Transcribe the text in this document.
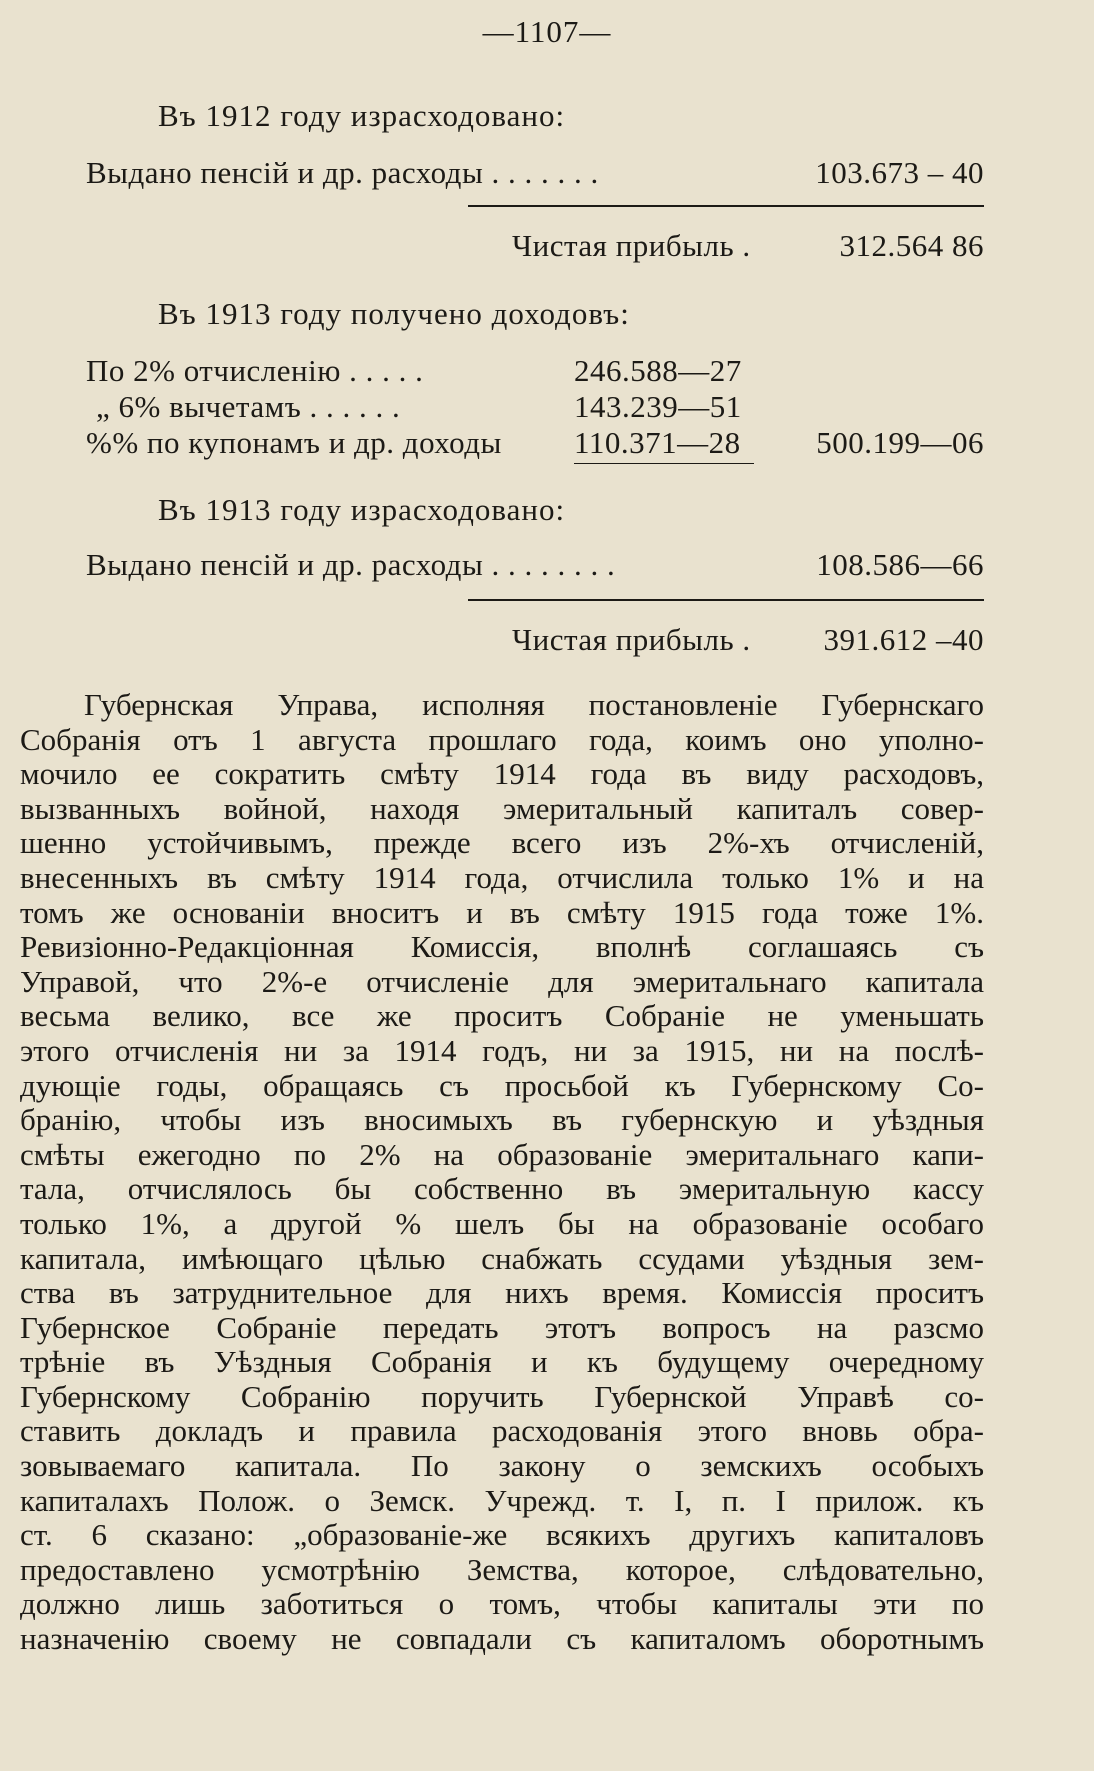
—1107—
Въ 1912 году израсходовано:
Выдано пенсій и др. расходы . . . . . . .	103.673 – 40
Чистая прибыль .	312.564 86
Въ 1913 году получено доходовъ:
По 2% отчисленію . . . . .	246.588—27
„ 6% вычетамъ . . . . . .	143.239—51
%% по купонамъ и др. доходы 110.371—28 500.199—06
Въ 1913 году израсходовано:
Выдано пенсій и др. расходы . . . . . . . .	108.586—66
Чистая прибыль . 391.612 –40
Губернская Управа, исполняя постановленіе Губернскаго
Собранія отъ 1 августа прошлаго года, коимъ оно уполно-
мочило ее сократить смѣту 1914 года въ виду расходовъ,
вызванныхъ войной, находя эмеритальный капиталъ совер-
шенно устойчивымъ, прежде всего изъ 2%-хъ отчисленій,
внесенныхъ въ смѣту 1914 года, отчислила только 1% и на
томъ же основаніи вноситъ и въ смѣту 1915 года тоже 1%.
Ревизіонно-Редакціонная Комиссія, вполнѣ соглашаясь съ
Управой, что 2%-е отчисленіе для эмеритальнаго капитала
весьма велико, все же проситъ Собраніе не уменьшать
этого отчисленія ни за 1914 годъ, ни за 1915, ни на послѣ-
дующіе годы, обращаясь съ просьбой къ Губернскому Со-
бранію, чтобы изъ вносимыхъ въ губернскую и уѣздныя
смѣты ежегодно по 2% на образованіе эмеритальнаго капи-
тала, отчислялось бы собственно въ эмеритальную кассу
только 1%, а другой % шелъ бы на образованіе особаго
капитала, имѣющаго цѣлью снабжать ссудами уѣздныя зем-
ства въ затруднительное для нихъ время. Комиссія проситъ
Губернское Собраніе передать этотъ вопросъ на разсмо
трѣніе въ Уѣздныя Собранія и къ будущему очередному
Губернскому Собранію поручить Губернской Управѣ со-
ставить докладъ и правила расходованія этого вновь обра-
зовываемаго капитала. По закону о земскихъ особыхъ
капиталахъ Полож. о Земск. Учрежд. т. I, п. I прилож. къ
ст. 6 сказано: „образованіе-же всякихъ другихъ капиталовъ
предоставлено усмотрѣнію Земства, которое, слѣдовательно,
должно лишь заботиться о томъ, чтобы капиталы эти по
назначенію своему не совпадали съ капиталомъ оборотнымъ
